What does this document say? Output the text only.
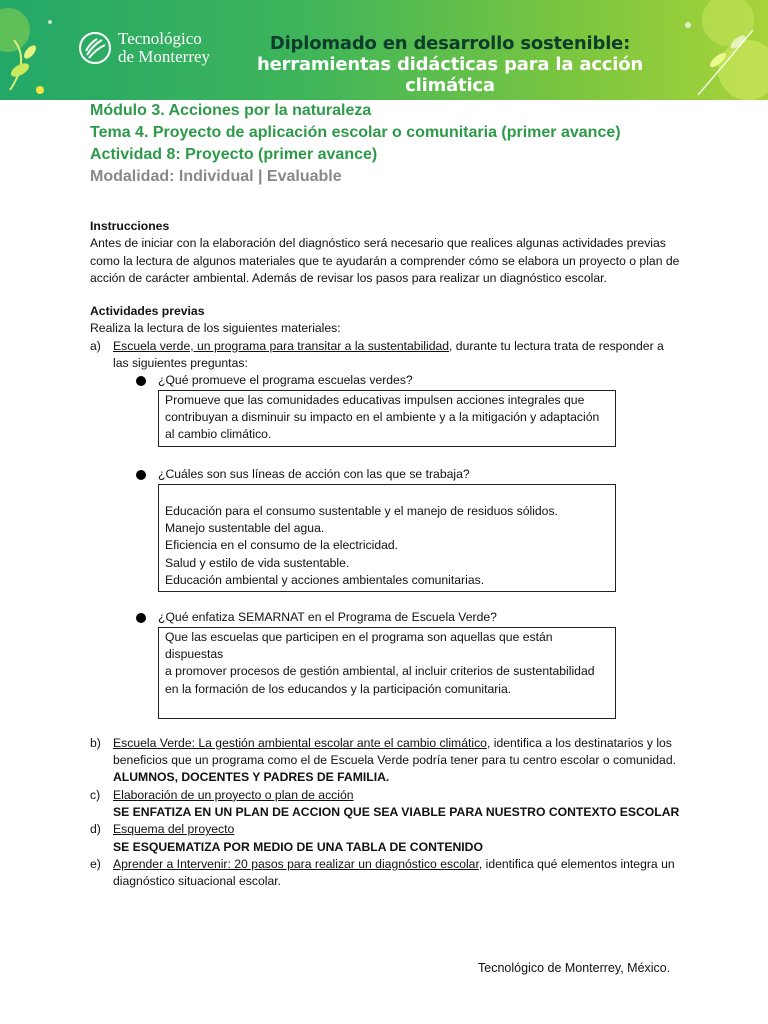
Tecnológico
de Monterrey
Diplomado en desarrollo sostenible:
herramientas didácticas para la acción climática
Módulo 3. Acciones por la naturaleza
Tema 4. Proyecto de aplicación escolar o comunitaria (primer avance)
Actividad 8: Proyecto (primer avance)
Modalidad: Individual | Evaluable

Instrucciones

Antes de iniciar con la elaboración del diagnóstico será necesario que realices algunas actividades previas como la lectura de algunos materiales que te ayudarán a comprender cómo se elabora un proyecto o plan de acción de carácter ambiental. Además de revisar los pasos para realizar un diagnóstico escolar.

Actividades previas

Realiza la lectura de los siguientes materiales:

a) Escuela verde, un programa para transitar a la sustentabilidad, durante tu lectura trata de responder a las siguientes preguntas:
¿Qué promueve el programa escuelas verdes?
Promueve que las comunidades educativas impulsen acciones integrales que
contribuyan a disminuir su impacto en el ambiente y a la mitigación y adaptación
al cambio climático.
¿Cuáles son sus líneas de acción con las que se trabaja?
Educación para el consumo sustentable y el manejo de residuos sólidos.
Manejo sustentable del agua.
Eficiencia en el consumo de la electricidad.
Salud y estilo de vida sustentable.
Educación ambiental y acciones ambientales comunitarias.
¿Qué enfatiza SEMARNAT en el Programa de Escuela Verde?
Que las escuelas que participen en el programa son aquellas que están dispuestas
a promover procesos de gestión ambiental, al incluir criterios de sustentabilidad
en la formación de los educandos y la participación comunitaria.
b) Escuela Verde: La gestión ambiental escolar ante el cambio climático, identifica a los destinatarios y los beneficios que un programa como el de Escuela Verde podría tener para tu centro escolar o comunidad.
ALUMNOS, DOCENTES Y PADRES DE FAMILIA.
c) Elaboración de un proyecto o plan de acción
SE ENFATIZA EN UN PLAN DE ACCION QUE SEA VIABLE PARA NUESTRO CONTEXTO ESCOLAR
d) Esquema del proyecto
SE ESQUEMATIZA POR MEDIO DE UNA TABLA DE CONTENIDO
e) Aprender a Intervenir: 20 pasos para realizar un diagnóstico escolar, identifica qué elementos integra un diagnóstico situacional escolar.
Tecnológico de Monterrey, México.
